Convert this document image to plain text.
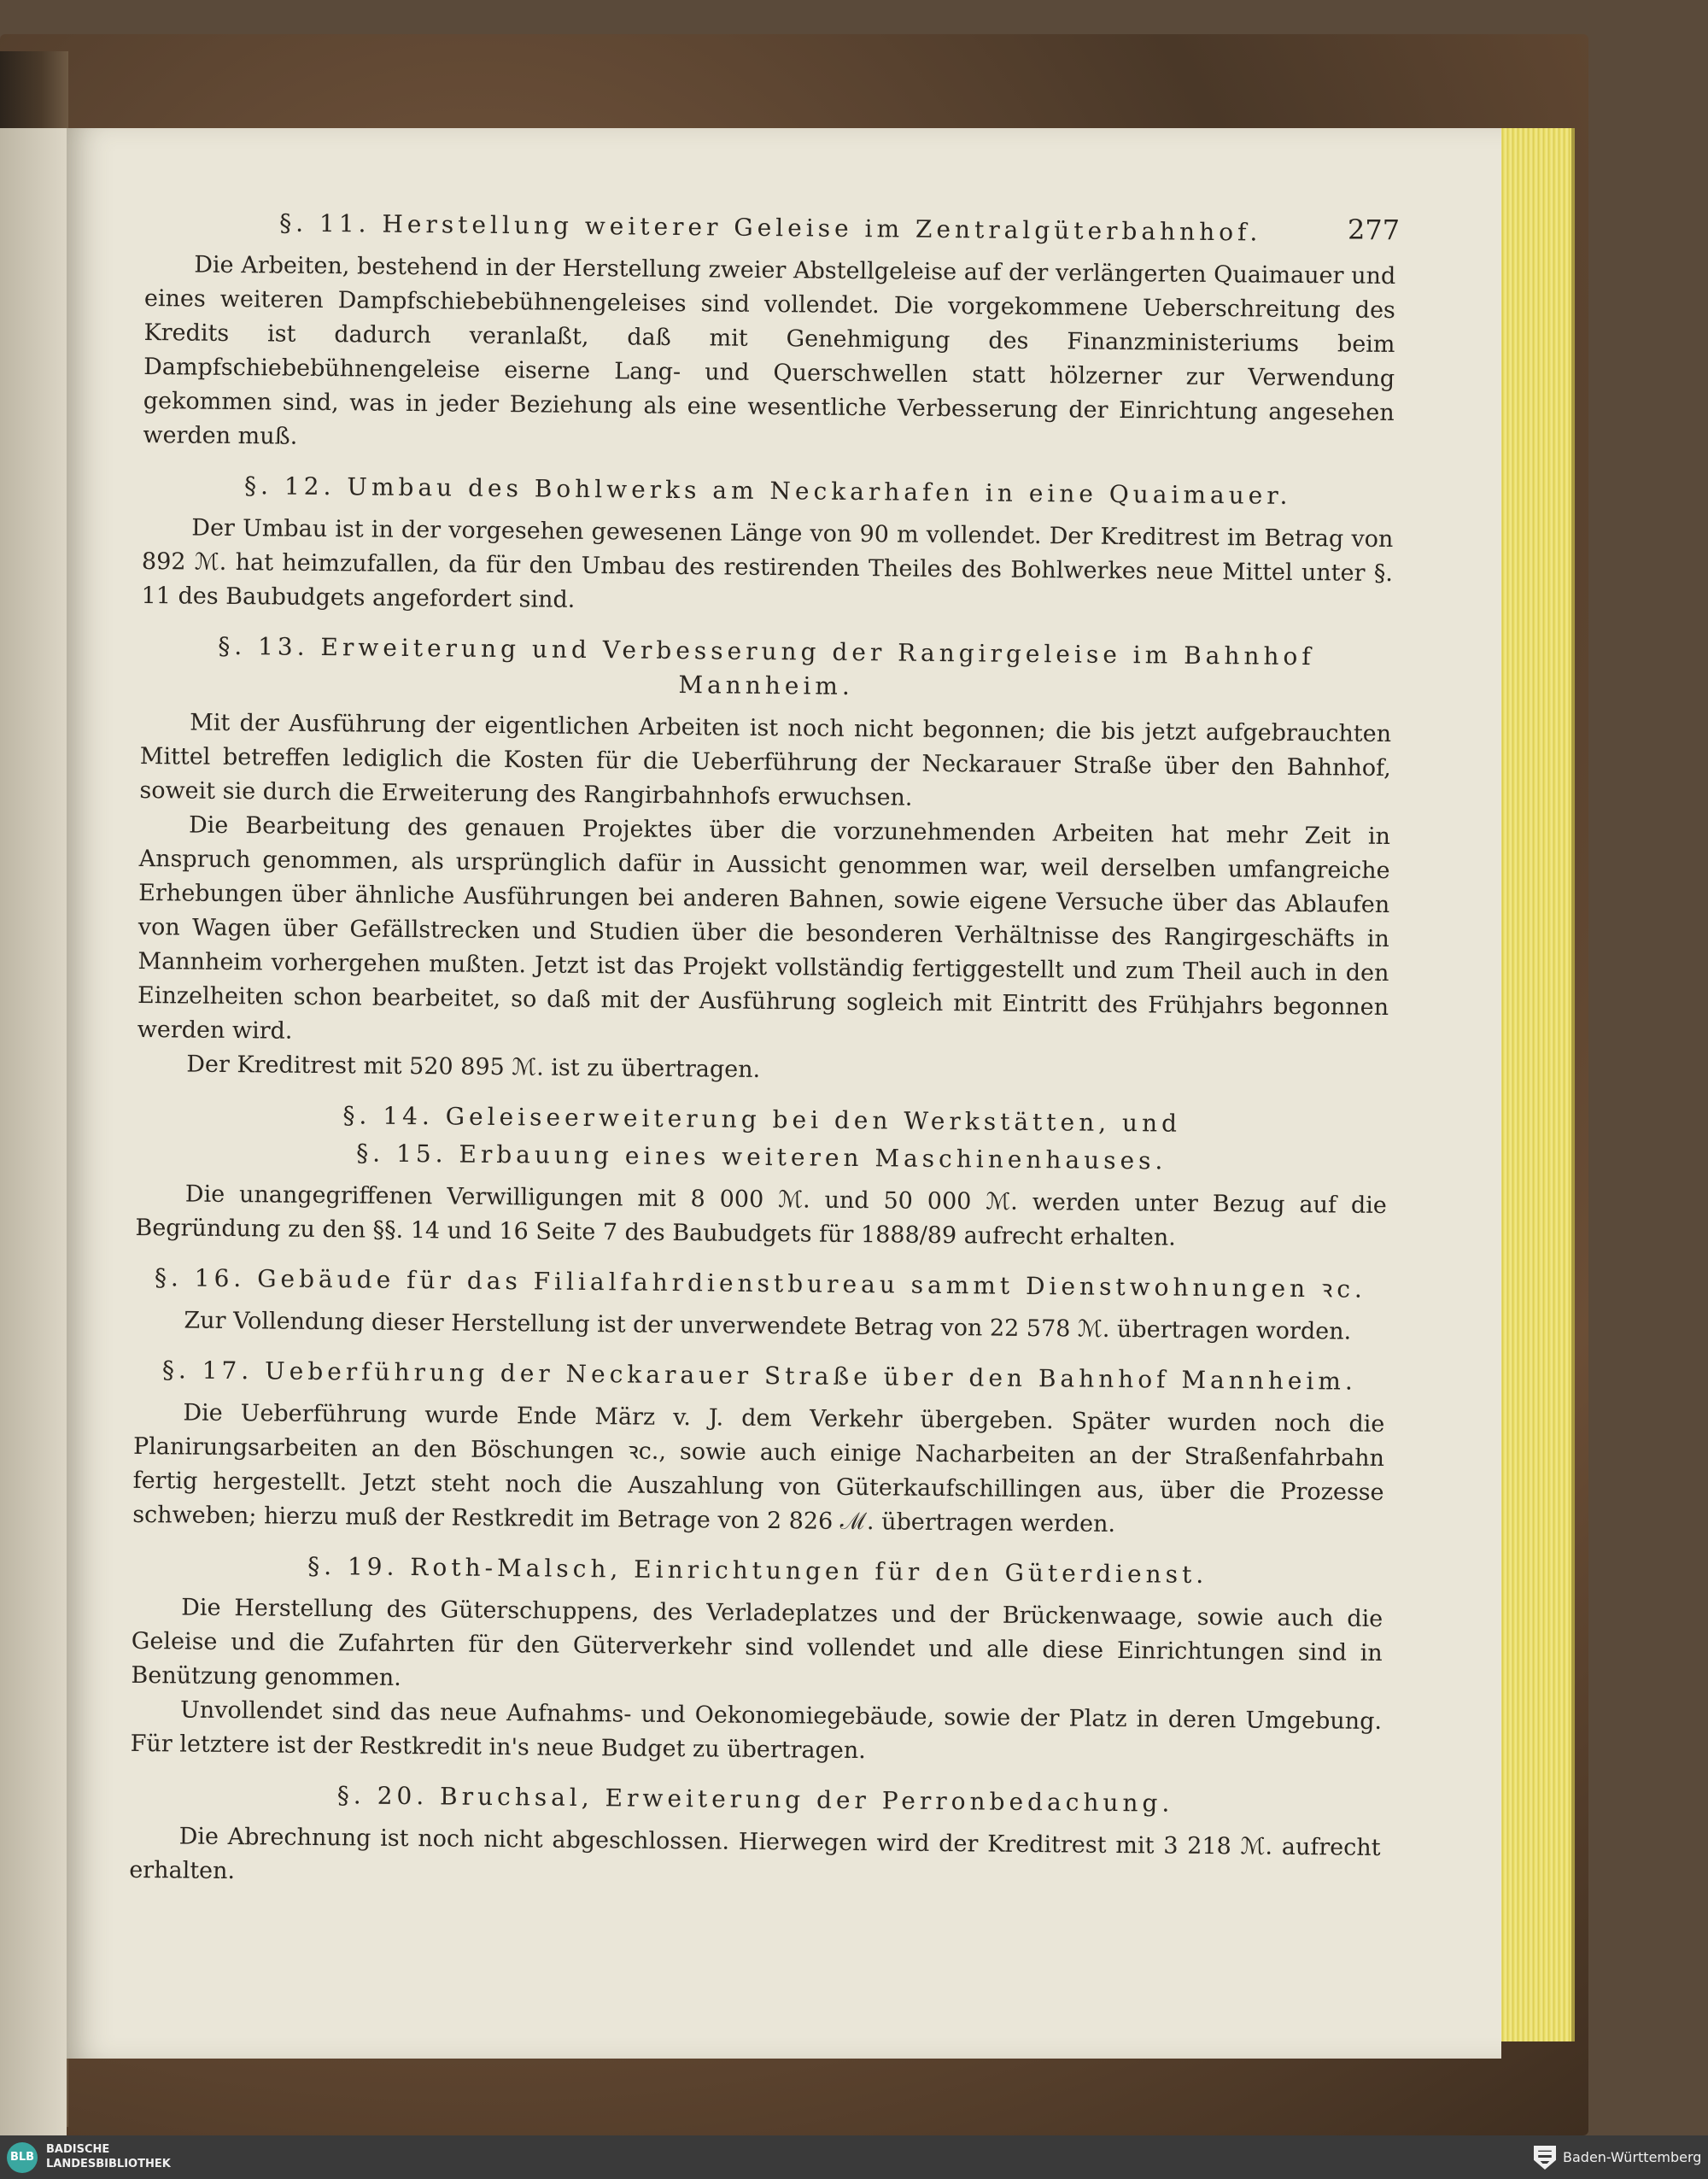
277
§. 11. Herstellung weiterer Geleise im Zentralgüterbahnhof.

Die Arbeiten, bestehend in der Herstellung zweier Abstellgeleise auf der verlängerten Quaimauer und eines weiteren Dampfschiebebühnengeleises sind vollendet. Die vorgekommene Ueberschreitung des Kredits ist dadurch veranlaßt, daß mit Genehmigung des Finanzministeriums beim Dampfschiebebühnengeleise eiserne Lang- und Querschwellen statt hölzerner zur Verwendung gekommen sind, was in jeder Beziehung als eine wesentliche Verbesserung der Einrichtung angesehen werden muß.

§. 12. Umbau des Bohlwerks am Neckarhafen in eine Quaimauer.

Der Umbau ist in der vorgesehen gewesenen Länge von 90 m vollendet. Der Kreditrest im Betrag von 892 ℳ. hat heimzufallen, da für den Umbau des restirenden Theiles des Bohlwerkes neue Mittel unter §. 11 des Baubudgets angefordert sind.

§. 13. Erweiterung und Verbesserung der Rangirgeleise im Bahnhof Mannheim.

Mit der Ausführung der eigentlichen Arbeiten ist noch nicht begonnen; die bis jetzt aufgebrauchten Mittel betreffen lediglich die Kosten für die Ueberführung der Neckarauer Straße über den Bahnhof, soweit sie durch die Erweiterung des Rangirbahnhofs erwuchsen.

Die Bearbeitung des genauen Projektes über die vorzunehmenden Arbeiten hat mehr Zeit in Anspruch genommen, als ursprünglich dafür in Aussicht genommen war, weil derselben umfangreiche Erhebungen über ähnliche Ausführungen bei anderen Bahnen, sowie eigene Versuche über das Ablaufen von Wagen über Gefällstrecken und Studien über die besonderen Verhältnisse des Rangirgeschäfts in Mannheim vorhergehen mußten. Jetzt ist das Projekt vollständig fertiggestellt und zum Theil auch in den Einzelheiten schon bearbeitet, so daß mit der Ausführung sogleich mit Eintritt des Frühjahrs begonnen werden wird.

Der Kreditrest mit 520 895 ℳ. ist zu übertragen.

§. 14. Geleiseerweiterung bei den Werkstätten, und
§. 15. Erbauung eines weiteren Maschinenhauses.

Die unangegriffenen Verwilligungen mit 8 000 ℳ. und 50 000 ℳ. werden unter Bezug auf die Begründung zu den §§. 14 und 16 Seite 7 des Baubudgets für 1888/89 aufrecht erhalten.

§. 16. Gebäude für das Filialfahrdienstbureau sammt Dienstwohnungen ꝛc.

Zur Vollendung dieser Herstellung ist der unverwendete Betrag von 22 578 ℳ. übertragen worden.

§. 17. Ueberführung der Neckarauer Straße über den Bahnhof Mannheim.

Die Ueberführung wurde Ende März v. J. dem Verkehr übergeben. Später wurden noch die Planirungsarbeiten an den Böschungen ꝛc., sowie auch einige Nacharbeiten an der Straßenfahrbahn fertig hergestellt. Jetzt steht noch die Auszahlung von Güterkaufschillingen aus, über die Prozesse schweben; hierzu muß der Restkredit im Betrage von 2 826 ℳ. übertragen werden.

§. 19. Roth-Malsch, Einrichtungen für den Güterdienst.

Die Herstellung des Güterschuppens, des Verladeplatzes und der Brückenwaage, sowie auch die Geleise und die Zufahrten für den Güterverkehr sind vollendet und alle diese Einrichtungen sind in Benützung genommen.

Unvollendet sind das neue Aufnahms- und Oekonomiegebäude, sowie der Platz in deren Umgebung. Für letztere ist der Restkredit in's neue Budget zu übertragen.

§. 20. Bruchsal, Erweiterung der Perronbedachung.

Die Abrechnung ist noch nicht abgeschlossen. Hierwegen wird der Kreditrest mit 3 218 ℳ. aufrecht erhalten.

BLB
BADISCHE
LANDESBIBLIOTHEK	Baden-Württemberg
